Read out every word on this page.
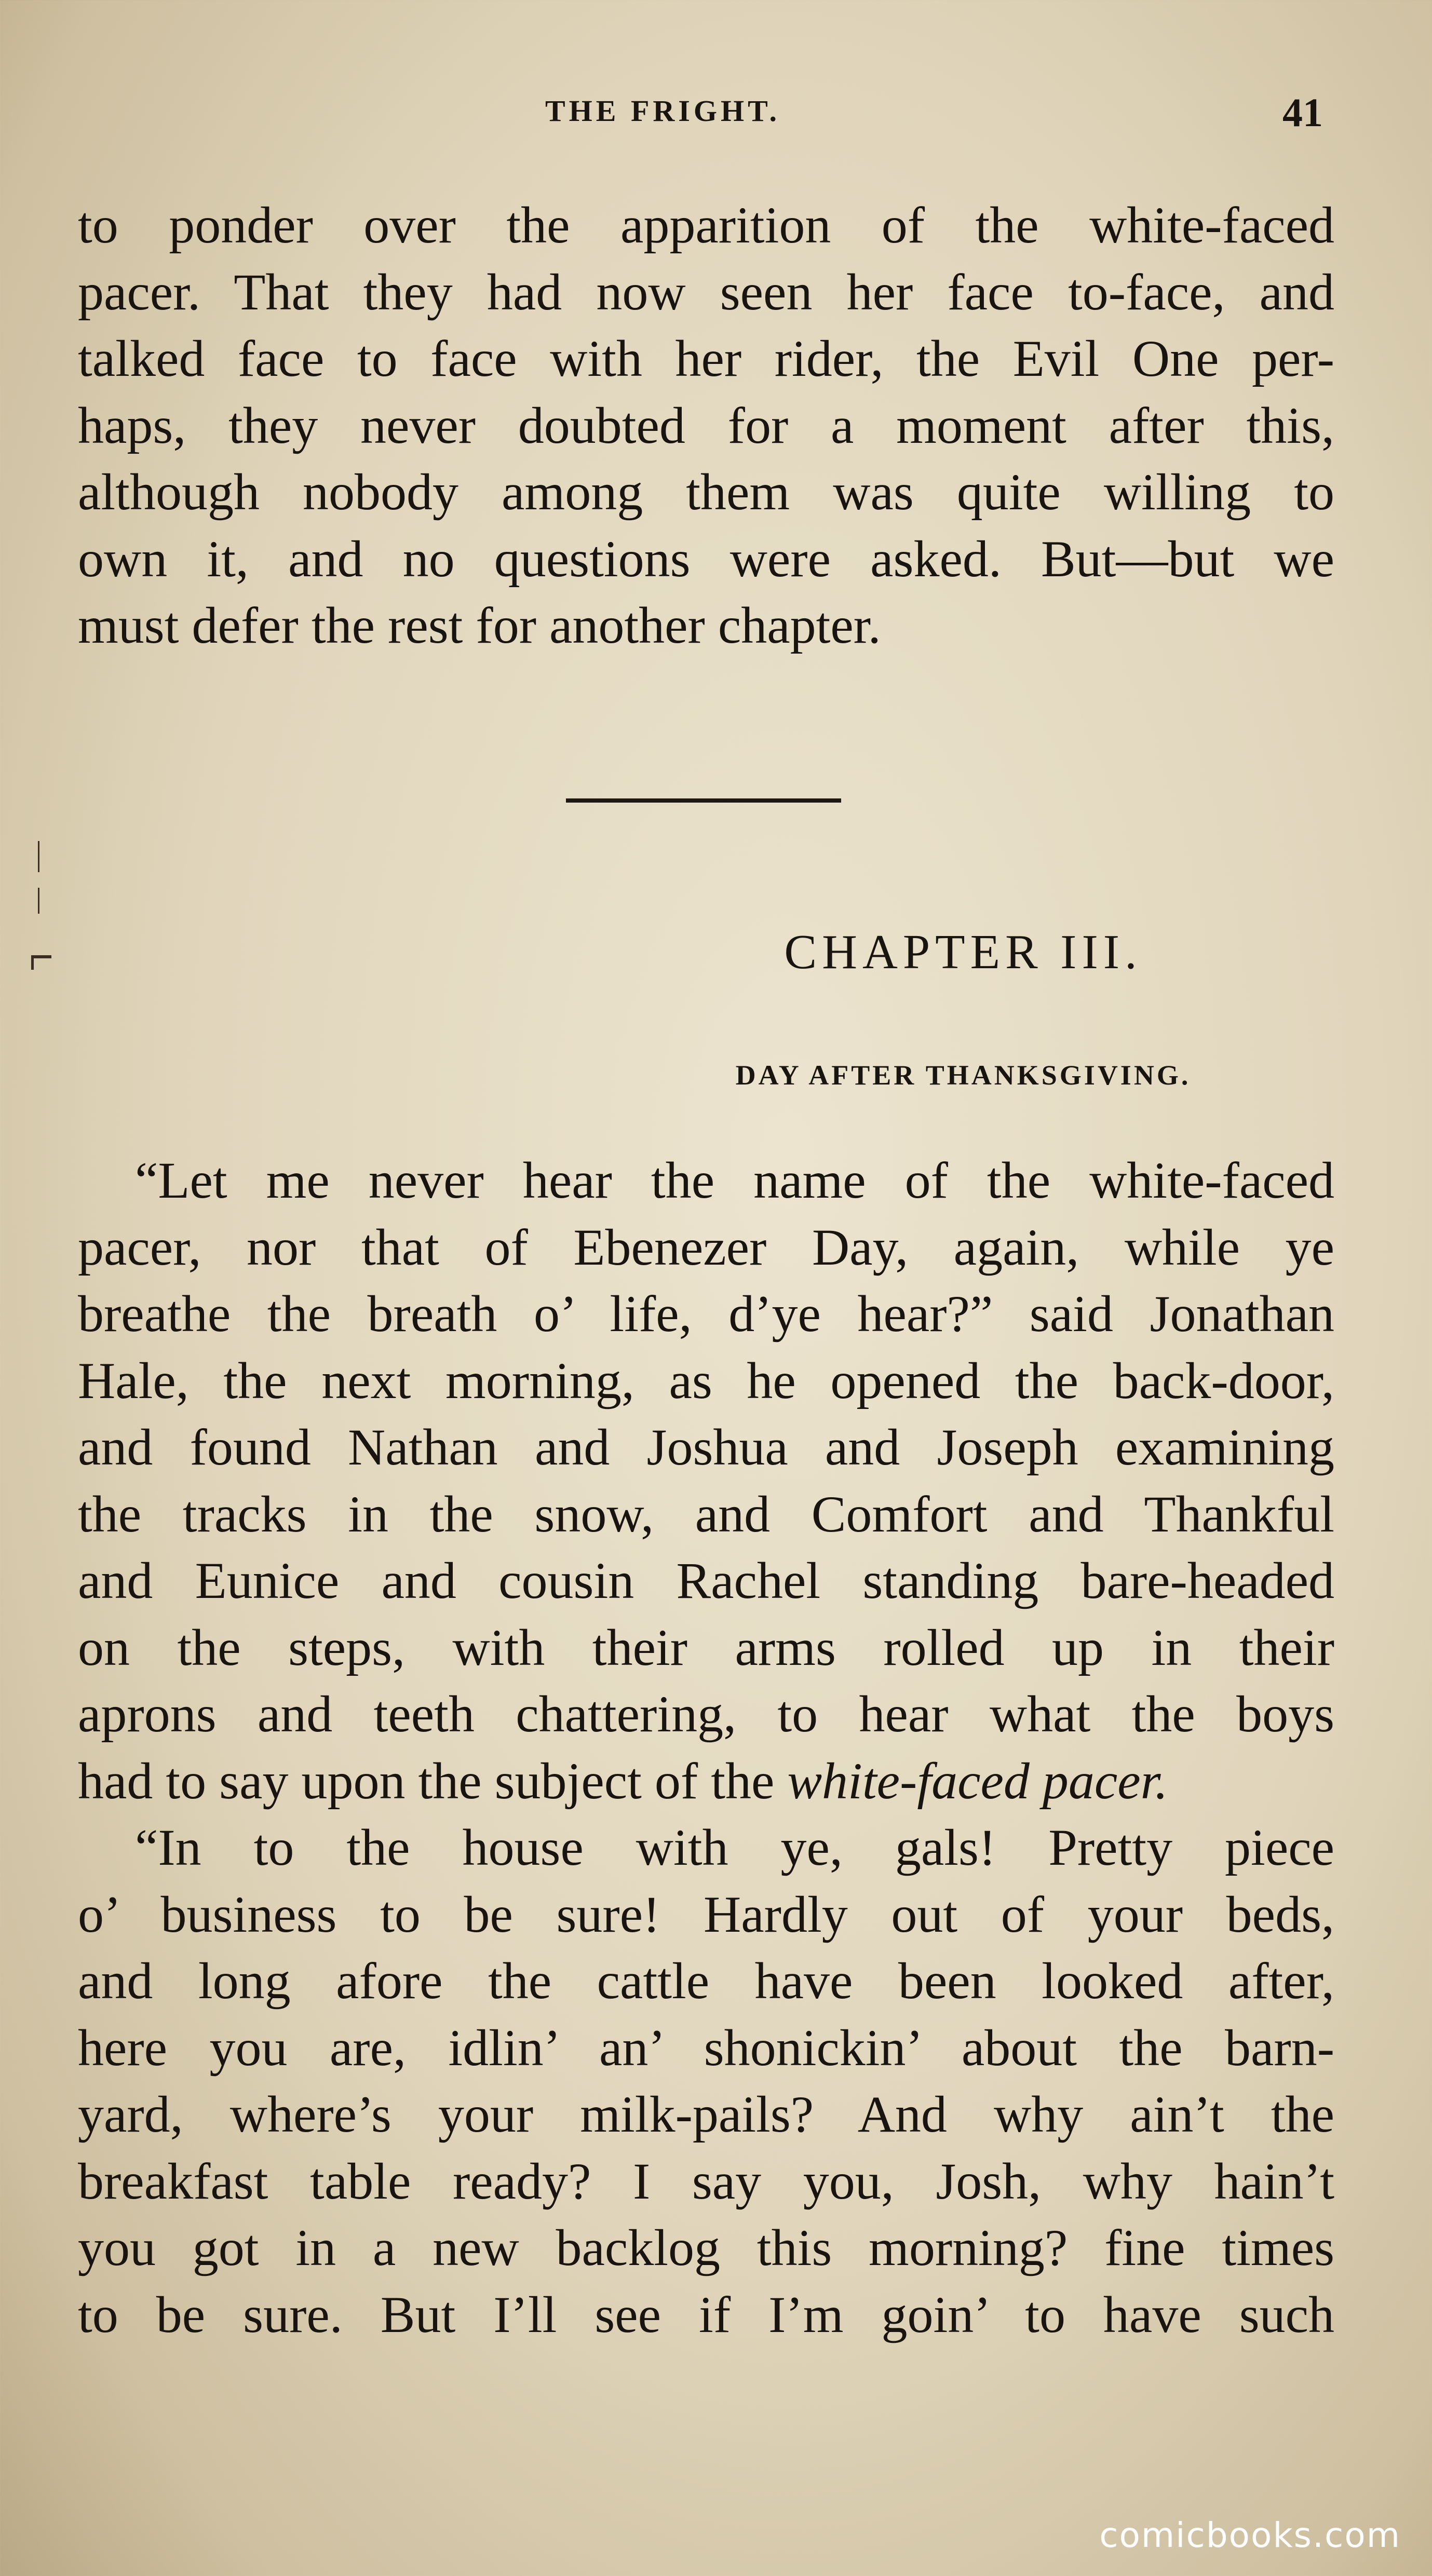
THE FRIGHT.	41
to ponder over the apparition of the white-faced
pacer. That they had now seen her face to-face, and
talked face to face with her rider, the Evil One per-
haps, they never doubted for a moment after this,
although nobody among them was quite willing to
own it, and no questions were asked. But—but we
must defer the rest for another chapter.
CHAPTER III.
DAY AFTER THANKSGIVING.
“Let me never hear the name of the white-faced
pacer, nor that of Ebenezer Day, again, while ye
breathe the breath o’ life, d’ye hear?” said Jonathan
Hale, the next morning, as he opened the back-door,
and found Nathan and Joshua and Joseph examining
the tracks in the snow, and Comfort and Thankful
and Eunice and cousin Rachel standing bare-headed
on the steps, with their arms rolled up in their
aprons and teeth chattering, to hear what the boys
had to say upon the subject of the white-faced pacer.
“In to the house with ye, gals! Pretty piece
o’ business to be sure! Hardly out of your beds,
and long afore the cattle have been looked after,
here you are, idlin’ an’ shonickin’ about the barn-
yard, where’s your milk-pails? And why ain’t the
breakfast table ready? I say you, Josh, why hain’t
you got in a new backlog this morning? fine times
to be sure. But I’ll see if I’m goin’ to have such
comicbooks.com
